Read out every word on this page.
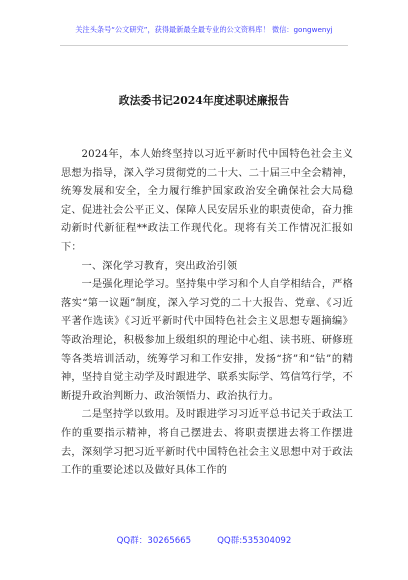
关注头条号“公文研究”，获得最新最全最专业的公文资料库！ 微信：gongwenyj
政法委书记2024年度述职述廉报告

2024年，本人始终坚持以习近平新时代中国特色社会主义思想为指导，深入学习贯彻党的二十大、二十届三中全会精神，统筹发展和安全，全力履行维护国家政治安全确保社会大局稳定、促进社会公平正义、保障人民安居乐业的职责使命，奋力推动新时代新征程**政法工作现代化。现将有关工作情况汇报如下：

一、深化学习教育，突出政治引领

一是强化理论学习。坚持集中学习和个人自学相结合，严格落实“第一议题”制度，深入学习党的二十大报告、党章、《习近平著作选读》《习近平新时代中国特色社会主义思想专题摘编》等政治理论，积极参加上级组织的理论中心组、读书班、研修班等各类培训活动，统筹学习和工作安排，发扬“挤”和“钻”的精神，坚持自觉主动学及时跟进学、联系实际学、笃信笃行学，不断提升政治判断力、政治领悟力、政治执行力。

二是坚持学以致用。及时跟进学习习近平总书记关于政法工作的重要指示精神，将自己摆进去、将职责摆进去将工作摆进去，深刻学习把习近平新时代中国特色社会主义思想中对于政法工作的重要论述以及做好具体工作的

QQ群：30265665	QQ群:535304092
